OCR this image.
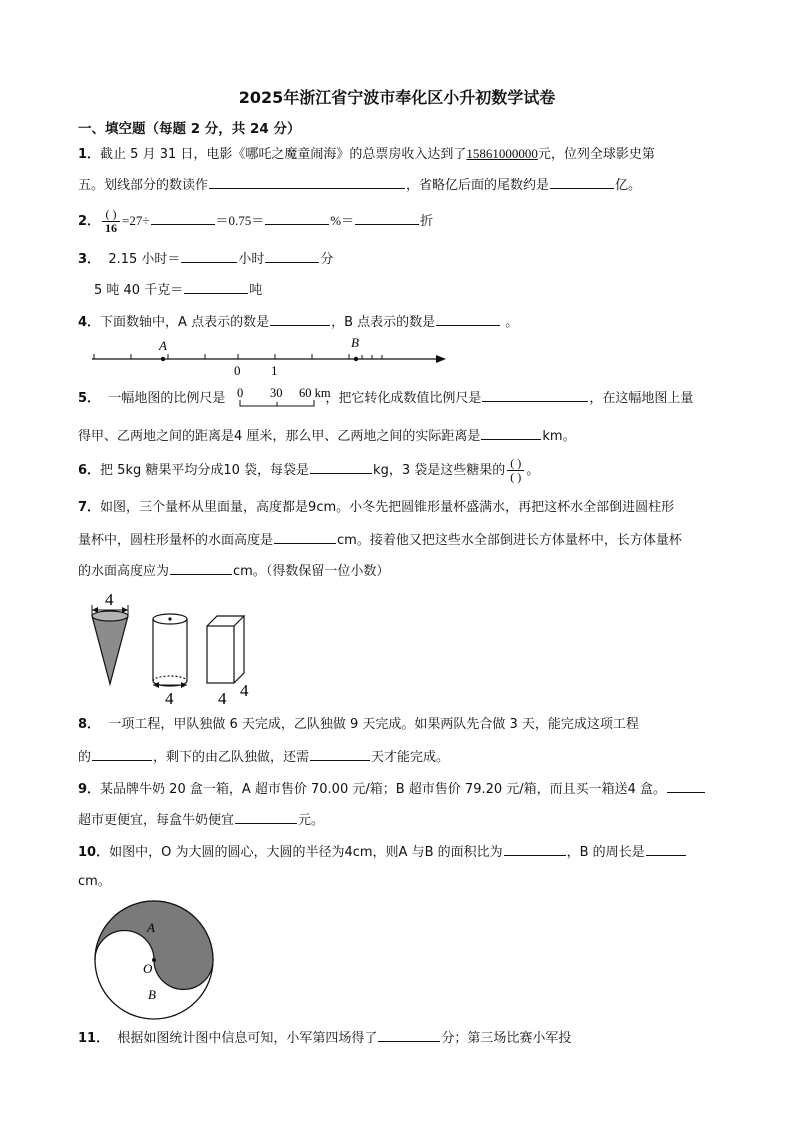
2025年浙江省宁波市奉化区小升初数学试卷
一、填空题（每题 2 分，共 24 分）
1．截止 5 月 31 日，电影《哪吒之魔童闹海》的总票房收入达到了15861000000元，位列全球影史第
五。划线部分的数读作	，省略亿后面的尾数约是	亿。
2． $\frac{( )}{16} =27\div$	＝0.75＝	%＝	折
3． 2.15 小时＝	小时	分
5 吨 40 千克＝	吨
4．下面数轴中，A 点表示的数是	，B 点表示的数是	。
A	B
0 1
5． 一幅地图的比例尺是	，把它转化成数值比例尺是	，在这幅地图上量
0 30 60 km
得甲、乙两地之间的距离是4 厘米，那么甲、乙两地之间的实际距离是	km。
6．把 5kg 糖果平均分成10 袋，每袋是	kg，3 袋是这些糖果的 $\frac{( )}{( )}$ 。
7．如图，三个量杯从里面量，高度都是9cm。小冬先把圆锥形量杯盛满水，再把这杯水全部倒进圆柱形
量杯中，圆柱形量杯的水面高度是	cm。接着他又把这些水全部倒进长方体量杯中，长方体量杯
的水面高度应为	cm。（得数保留一位小数）
4
4	4 4
8． 一项工程，甲队独做 6 天完成，乙队独做 9 天完成。如果两队先合做 3 天，能完成这项工程
的	，剩下的由乙队独做，还需	天才能完成。
9．某品牌牛奶 20 盒一箱，A 超市售价 70.00 元/箱；B 超市售价 79.20 元/箱，而且买一箱送4 盒。
超市更便宜，每盒牛奶便宜	元。
10．如图中，O 为大圆的圆心，大圆的半径为4cm，则A 与B 的面积比为	，B 的周长是
cm。
A
O
B
11． 根据如图统计图中信息可知，小军第四场得了	分；第三场比赛小军投
